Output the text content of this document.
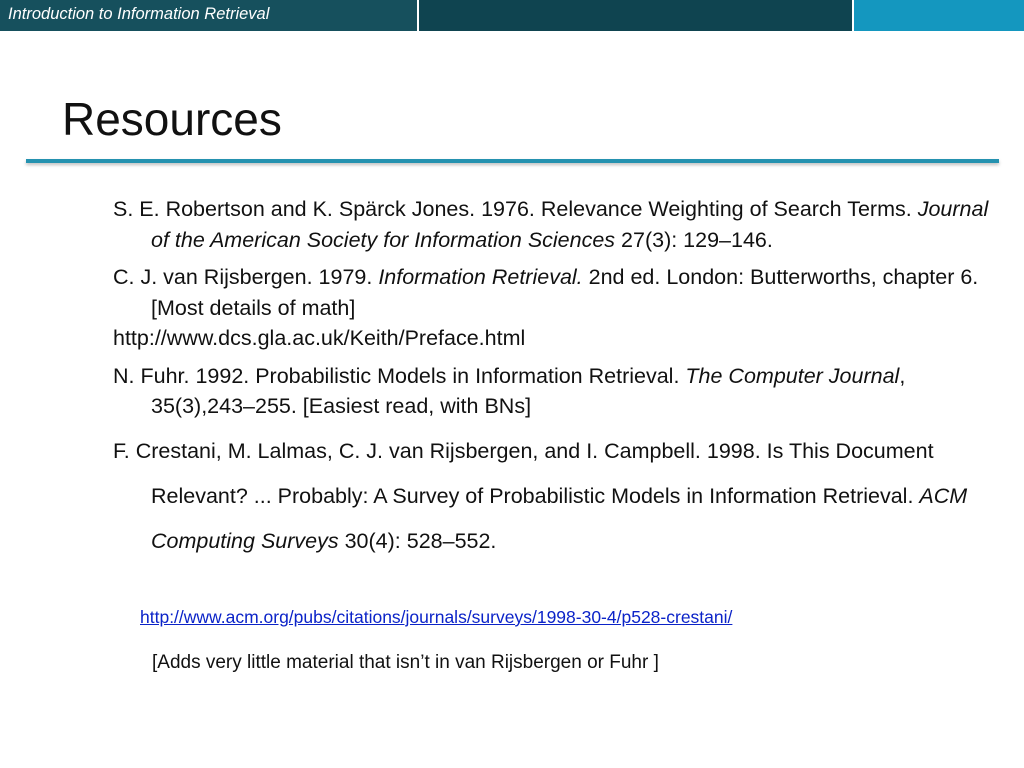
Introduction to Information Retrieval
Resources
S. E. Robertson and K. Spärck Jones. 1976. Relevance Weighting of Search Terms. Journal of the American Society for Information Sciences 27(3): 129–146.
C. J. van Rijsbergen. 1979. Information Retrieval. 2nd ed. London: Butterworths, chapter 6. [Most details of math]
http://www.dcs.gla.ac.uk/Keith/Preface.html
N. Fuhr. 1992. Probabilistic Models in Information Retrieval. The Computer Journal, 35(3),243–255. [Easiest read, with BNs]
F. Crestani, M. Lalmas, C. J. van Rijsbergen, and I. Campbell. 1998. Is This Document Relevant? ... Probably: A Survey of Probabilistic Models in Information Retrieval. ACM Computing Surveys 30(4): 528–552.
http://www.acm.org/pubs/citations/journals/surveys/1998-30-4/p528-crestani/
[Adds very little material that isn’t in van Rijsbergen or Fuhr ]
